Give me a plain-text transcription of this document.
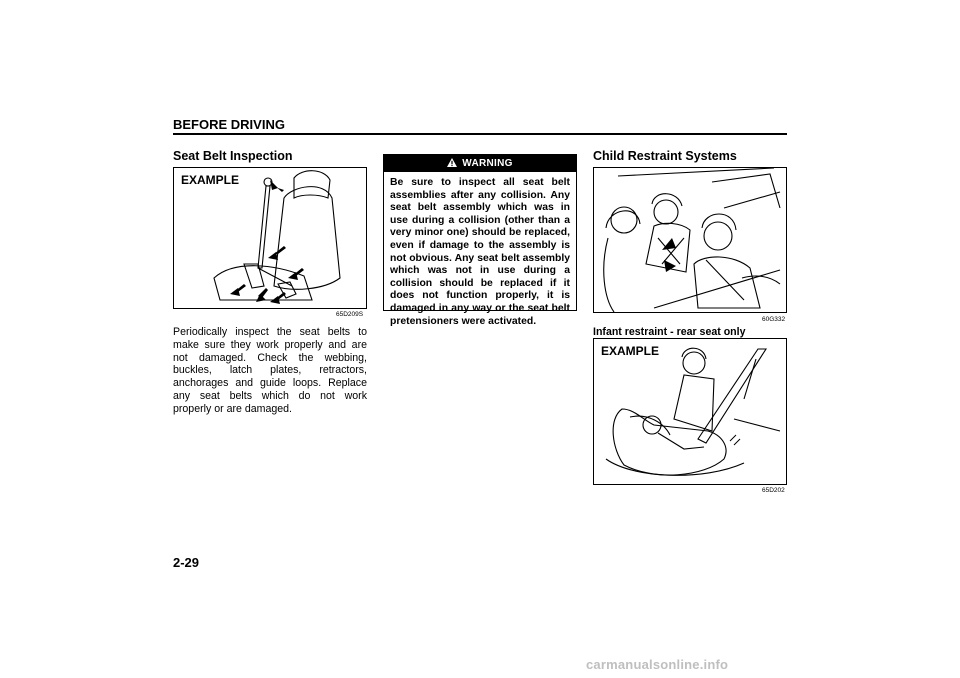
BEFORE DRIVING
Seat Belt Inspection
EXAMPLE
65D209S
Periodically inspect the seat belts to make sure they work properly and are not damaged. Check the webbing, buckles, latch plates, retractors, anchorages and guide loops. Replace any seat belts which do not work properly or are damaged.
WARNING
Be sure to inspect all seat belt assemblies after any collision. Any seat belt assembly which was in use during a collision (other than a very minor one) should be replaced, even if damage to the assembly is not obvious. Any seat belt assembly which was not in use during a collision should be replaced if it does not function properly, it is damaged in any way or the seat belt pretensioners were activated.
Child Restraint Systems
60G332
Infant restraint - rear seat only
EXAMPLE
65D202
2-29
carmanualsonline.info
